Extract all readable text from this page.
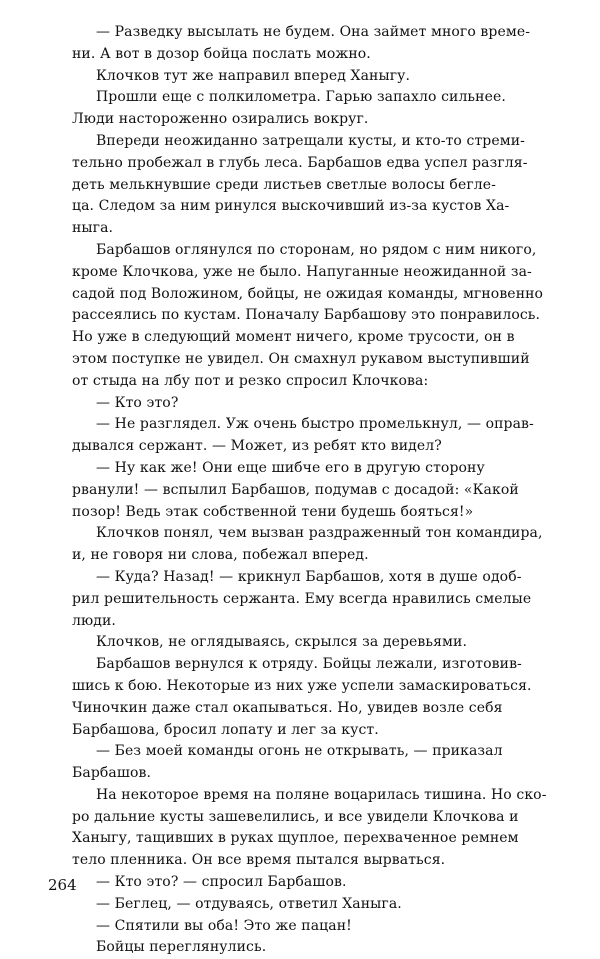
— Разведку высылать не будем. Она займет много време-
ни. А вот в дозор бойца послать можно.

Клочков тут же направил вперед Ханыгу.

Прошли еще с полкилометра. Гарью запахло сильнее.
Люди настороженно озирались вокруг.

Впереди неожиданно затрещали кусты, и кто-то стреми-
тельно пробежал в глубь леса. Барбашов едва успел разгля-
деть мелькнувшие среди листьев светлые волосы беглe-
ца. Следом за ним ринулся выскочивший из-за кустов Ха-
ныга.

Барбашов оглянулся по сторонам, но рядом с ним никого,
кроме Клочкова, уже не было. Напуганные неожиданной за-
садой под Воложином, бойцы, не ожидая команды, мгновенно
рассеялись по кустам. Поначалу Барбашову это понравилось.
Но уже в следующий момент ничего, кроме трусости, он в
этом поступке не увидел. Он смахнул рукавом выступивший
от стыда на лбу пот и резко спросил Клочкова:

— Кто это?

— Не разглядел. Уж очень быстро промелькнул, — оправ-
дывался сержант. — Может, из ребят кто видел?

— Ну как же! Они еще шибче его в другую сторону
рванули! — вспылил Барбашов, подумав с досадой: «Какой
позор! Ведь этак собственной тени будешь бояться!»

Клочков понял, чем вызван раздраженный тон командира,
и, не говоря ни слова, побежал вперед.

— Куда? Назад! — крикнул Барбашов, хотя в душе одоб-
рил решительность сержанта. Ему всегда нравились смелые
люди.

Клочков, не оглядываясь, скрылся за деревьями.

Барбашов вернулся к отряду. Бойцы лежали, изготовив-
шись к бою. Некоторые из них уже успели замаскироваться.
Чиночкин даже стал окапываться. Но, увидев возле себя
Барбашова, бросил лопату и лег за куст.

— Без моей команды огонь не открывать, — приказал
Барбашов.

На некоторое время на поляне воцарилась тишина. Но ско-
ро дальние кусты зашевелились, и все увидели Клочкова и
Ханыгу, тащивших в руках щуплое, перехваченное ремнем
тело пленника. Он все время пытался вырваться.

— Кто это? — спросил Барбашов.

— Беглец, — отдуваясь, ответил Ханыга.

— Спятили вы оба! Это же пацан!

Бойцы переглянулись.

264
